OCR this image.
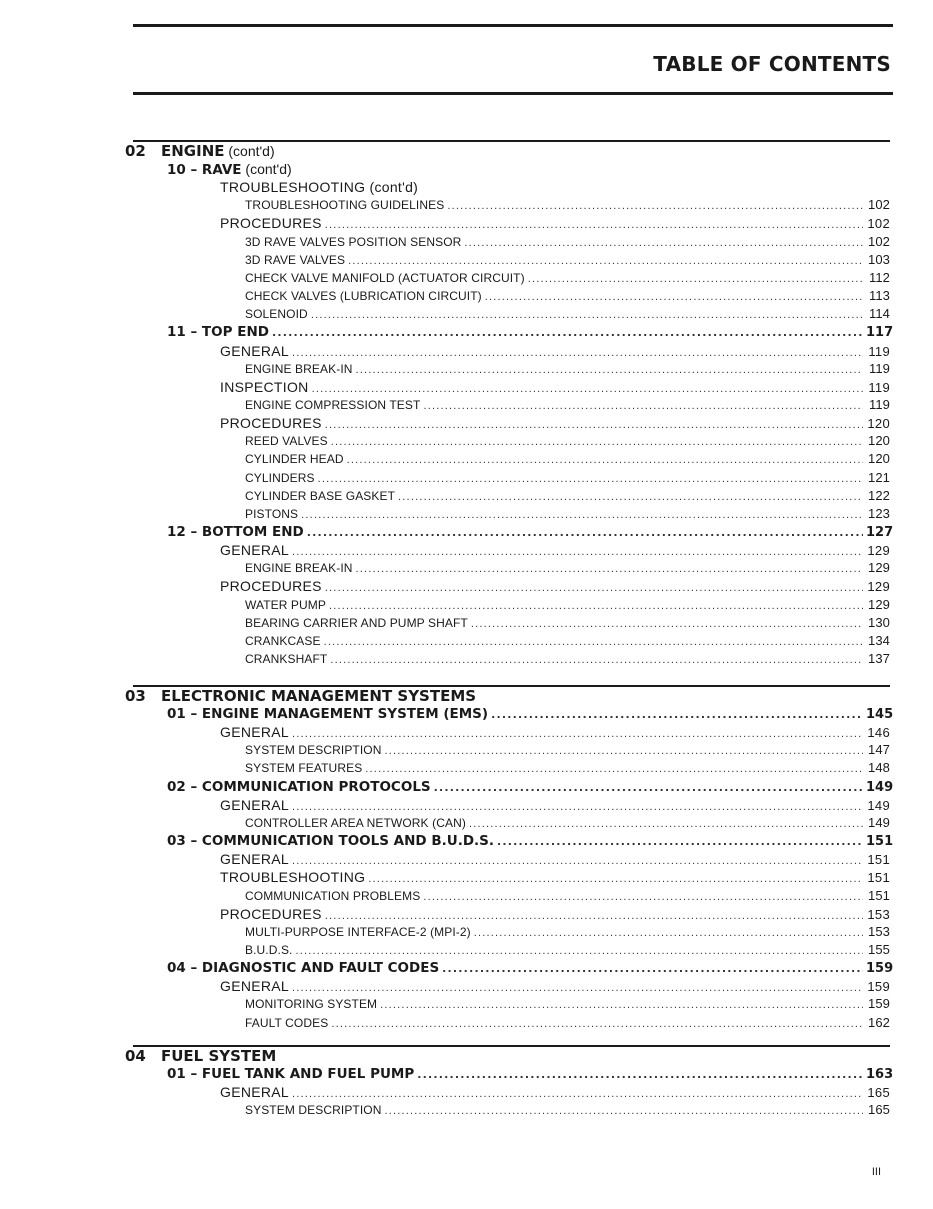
TABLE OF CONTENTS
02 ENGINE (cont'd)
10 – RAVE (cont'd)
TROUBLESHOOTING (cont'd)
TROUBLESHOOTING GUIDELINES .....	102
PROCEDURES .....	102
3D RAVE VALVES POSITION SENSOR .....	102
3D RAVE VALVES .....	103
CHECK VALVE MANIFOLD (ACTUATOR CIRCUIT) .....	112
CHECK VALVES (LUBRICATION CIRCUIT) .....	113
SOLENOID .....	114
11 – TOP END .....	117
GENERAL .....	119
ENGINE BREAK-IN .....	119
INSPECTION .....	119
ENGINE COMPRESSION TEST .....	119
PROCEDURES .....	120
REED VALVES .....	120
CYLINDER HEAD .....	120
CYLINDERS .....	121
CYLINDER BASE GASKET .....	122
PISTONS .....	123
12 – BOTTOM END .....	127
GENERAL .....	129
ENGINE BREAK-IN .....	129
PROCEDURES .....	129
WATER PUMP .....	129
BEARING CARRIER AND PUMP SHAFT .....	130
CRANKCASE .....	134
CRANKSHAFT .....	137
03 ELECTRONIC MANAGEMENT SYSTEMS
01 – ENGINE MANAGEMENT SYSTEM (EMS) .....	145
GENERAL .....	146
SYSTEM DESCRIPTION .....	147
SYSTEM FEATURES .....	148
02 – COMMUNICATION PROTOCOLS .....	149
GENERAL .....	149
CONTROLLER AREA NETWORK (CAN) .....	149
03 – COMMUNICATION TOOLS AND B.U.D.S. .....	151
GENERAL .....	151
TROUBLESHOOTING .....	151
COMMUNICATION PROBLEMS .....	151
PROCEDURES .....	153
MULTI-PURPOSE INTERFACE-2 (MPI-2) .....	153
B.U.D.S. .....	155
04 – DIAGNOSTIC AND FAULT CODES .....	159
GENERAL .....	159
MONITORING SYSTEM .....	159
FAULT CODES .....	162
04 FUEL SYSTEM
01 – FUEL TANK AND FUEL PUMP .....	163
GENERAL .....	165
SYSTEM DESCRIPTION .....	165
III
